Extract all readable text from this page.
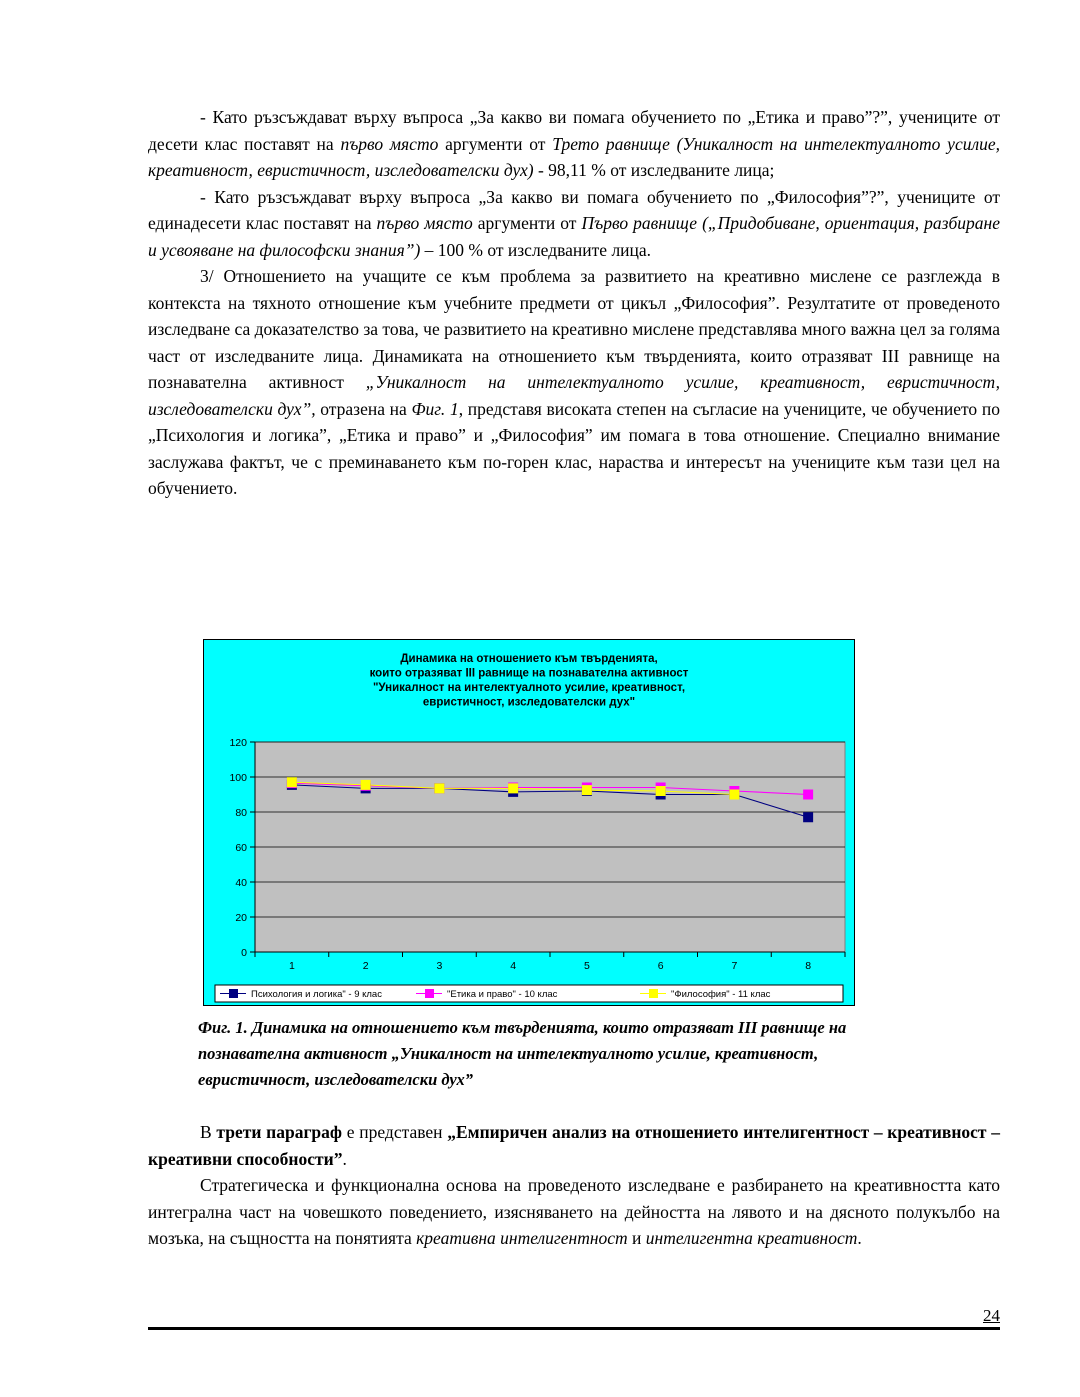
- Като ръзсъждават върху въпроса „За какво ви помага обучението по „Етика и право”?”, учениците от десети клас поставят на първо място аргументи от Трето равнище (Уникалност на интелектуалното усилие, креативност, евристичност, изследователски дух) - 98,11 % от изследваните лица;

- Като ръзсъждават върху въпроса „За какво ви помага обучението по „Философия”?”, учениците от единадесети клас поставят на първо място аргументи от Първо равнище („Придобиване, ориентация, разбиране и усвояване на философски знания”) – 100 % от изследваните лица.

3/ Отношението на учащите се към проблема за развитието на креативно мислене се разглежда в контекста на тяхното отношение към учебните предмети от цикъл „Философия”. Резултатите от проведеното изследване са доказателство за това, че развитието на креативно мислене представлява много важна цел за голяма част от изследваните лица. Динамиката на отношението към твърденията, които отразяват III равнище на познавателна активност „Уникалност на интелектуалното усилие, креативност, евристичност, изследователски дух”, отразена на Фиг. 1, представя високата степен на съгласие на учениците, че обучението по „Психология и логика”, „Етика и право” и „Философия” им помага в това отношение. Специално внимание заслужава фактът, че с преминаването към по-горен клас, нараства и интересът на учениците към тази цел на обучението.

Динамика на отношението към твърденията,
които отразяват III равнище на познавателна активност
"Уникалност на интелектуалното усилие, креативност,
евристичност, изследователски дух"
0
20
40
60
80
100
120
1	2	3	4	5	6	7	8
Психология и логика" - 9 клас	"Етика и право" - 10 клас	"Философия" - 11 клас
Фиг. 1. Динамика на отношението към твърденията, които отразяват III равнище на познавателна активност „Уникалност на интелектуалното усилие, креативност, евристичност, изследователски дух”

В трети параграф е представен „Емпиричен анализ на отношението интелигентност – креативност – креативни способности”.

Стратегическа и функционална основа на проведеното изследване е разбирането на креативността като интегрална част на човешкото поведението, изясняването на дейността на лявото и на дясното полукълбо на мозъка, на същността на понятията креативна интелигентност и интелигентна креативност.

24
